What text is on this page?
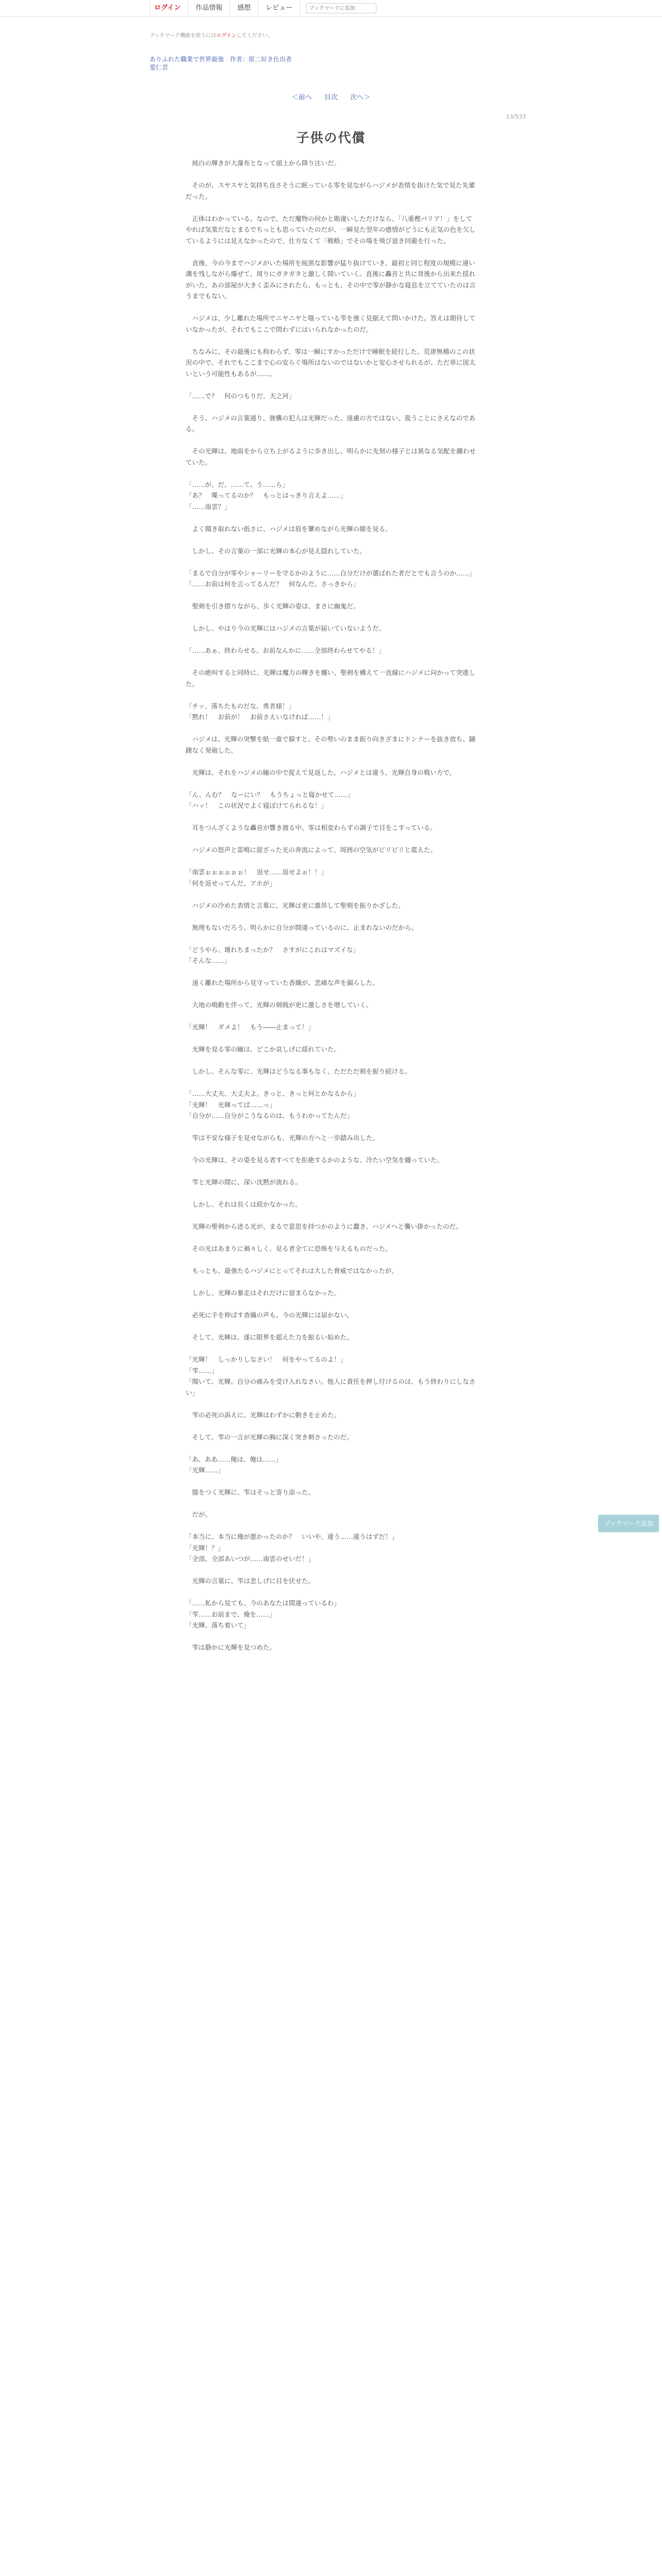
ログイン	作品情報	感想	レビュー
ブックマークに追加
ブックマーク機能を使うにはログインしてください。
ありふれた職業で世界最強　作者：原二好き仕出者
愛仁君
＜前へ 目次 次へ＞
13/533
子供の代償

　純白の輝きが大瀑布となって頭上から降り注いだ。

　そのが、スヤスヤと気持ち良さそうに眠っている零を見ながらハジメが表情を抜けた気で見た先輩だった。

　正体はわかっている。なので、ただ魔物の何かと勘違いしただけなら、「八重樫パリア！」をしてやれば気楽だなとまるでちっとも思っていたのだが、一瞬見た翌年の感情がどうにも正気の色を欠しているようには見えなかったので、仕方なくて「戦略」でその場を飛び退き回避を行った。

　直後、今の今までハジメがいた場所を純黒な影響が猛り抜けていき、最初と同じ程度の規模に違い溝を残しながら爆ぜて、周りにガタガタと激しく開いていく。直後に轟音と共に背後から出来た揺れがいた。あの部屋が大きく歪みにされたら、もっとも、その中で零が静かな寝息を立てていたのは言うまでもない。

　ハジメは、少し離れた場所でニヤニヤと嗤っている雫を強く見据えて問いかけた。答えは期待していなかったが、それでもここで問わずにはいられなかったのだ。

　ちなみに、その最後にも拘わらず、零は一瞬にすかっただけで睡眠を続行した。荒唐無稽のこの状況の中で、それでもここまで心の安らぐ場所はないのではないかと安心させられるが、ただ単に図太いという可能性もあるが……。

「……で？　何のつもりだ、天之河」

　そう、ハジメの言葉通り、強襲の犯人は光輝だった。遠慮の方ではない。扱うことにさえなのである。

　その光輝は、地面をから立ち上がるように歩き出し、明らかに先刻の様子とは異なる気配を纏わせていた。

「……が、だ、……て、う……ら」
「あ？　喋ってるのか？　もっとはっきり言えよ……」
「……南雲？」

　よく聞き取れない低さに、ハジメは眉を顰めながら光輝の顔を見る。

　しかし、その言葉の一部に光輝の本心が見え隠れしていた。

「まるで自分が零やシャーリーを守るかのように……自分だけが選ばれた者だとでも言うのか……」
「……お前は何を言ってるんだ？　何なんだ、さっきから」

　聖剣を引き摺りながら、歩く光輝の姿は、まさに幽鬼だ。

　しかし、やはり今の光輝にはハジメの言葉が届いていないようだ。

「……あぁ、終わらせる。お前なんかに……全部終わらせてやる！」

　その絶叫すると同時に、光輝は魔力の輝きを纏い、聖剣を構えて一直線にハジメに向かって突進した。

「チッ、落ちたものだな、勇者様！」
「黙れ！　お前が！　お前さえいなければ……！」

　ハジメは、光輝の突撃を紙一重で躱すと、その勢いのまま振り向きざまにドンナーを抜き放ち、躊躇なく発砲した。

　光輝は、それをハジメの瞳の中で捉えて見返した。ハジメとは違う、光輝自身の戦い方で。

「ん、んむ？　なーにい？　もうちょっと寝かせて……」
「ハッ！　この状況でよく寝ぼけてられるな！」

　耳をつんざくような轟音が響き渡る中、零は相変わらずの調子で目をこすっている。

　ハジメの怒声と雷鳴に混ざった光の奔流によって、周囲の空気がビリビリと震えた。

「南雲ぉぉぉぉぉぉ！　返せ……返せよぉ！！」
「何を返せってんだ、アホが」

　ハジメの冷めた表情と言葉に、光輝は更に激昂して聖剣を振りかざした。

　無理もないだろう。明らかに自分が間違っているのに、止まれないのだから。

「どうやら、壊れちまったか？　さすがにこれはマズイな」
「そんな……」

　遠く離れた場所から見守っていた香織が、悲痛な声を漏らした。

　大地の鳴動を伴って、光輝の剣戟が更に激しさを増していく。

「光輝！　ダメよ！　もう――止まって！」

　光輝を見る零の瞳は、どこか哀しげに揺れていた。

　しかし、そんな零に、光輝はどうなる事もなく、ただただ剣を振り続ける。

「……大丈夫、大丈夫よ。きっと、きっと何とかなるから」
「光輝！　光輝ってば……っ」
「自分が……自分がこうなるのは、もうわかってたんだ」

　雫は不安な様子を見せながらも、光輝の方へと一歩踏み出した。

　今の光輝は、その姿を見る者すべてを拒絶するかのような、冷たい空気を纏っていた。

　雫と光輝の間に、深い沈黙が流れる。

　しかし、それは長くは続かなかった。

　光輝の聖剣から迸る光が、まるで意思を持つかのように蠢き、ハジメへと襲い掛かったのだ。

　その光はあまりに禍々しく、見る者全てに恐怖を与えるものだった。

　もっとも、最強たるハジメにとってそれは大した脅威ではなかったが。

　しかし、光輝の暴走はそれだけに留まらなかった。

　必死に手を伸ばす香織の声も、今の光輝には届かない。

　そして、光輝は、遂に限界を超えた力を振るい始めた。

「光輝！　しっかりしなさい！　何をやってるのよ！」
「雫……」
「聞いて、光輝。自分の痛みを受け入れなさい。他人に責任を押し付けるのは、もう終わりにしなさい」

　雫の必死の訴えに、光輝はわずかに動きを止めた。

　そして、雫の一言が光輝の胸に深く突き刺さったのだ。

「あ、ああ……俺は、俺は……」
「光輝……」

　膝をつく光輝に、雫はそっと寄り添った。

　だが。

「本当に、本当に俺が悪かったのか？　いいや、違う……違うはずだ！」
「光輝！？」
「全部、全部あいつが……南雲のせいだ！」

　光輝の言葉に、雫は悲しげに目を伏せた。

「……私から見ても、今のあなたは間違っているわ」
「雫……お前まで、俺を……」
「光輝、落ち着いて」

　雫は静かに光輝を見つめた。

ブックマーク追加
